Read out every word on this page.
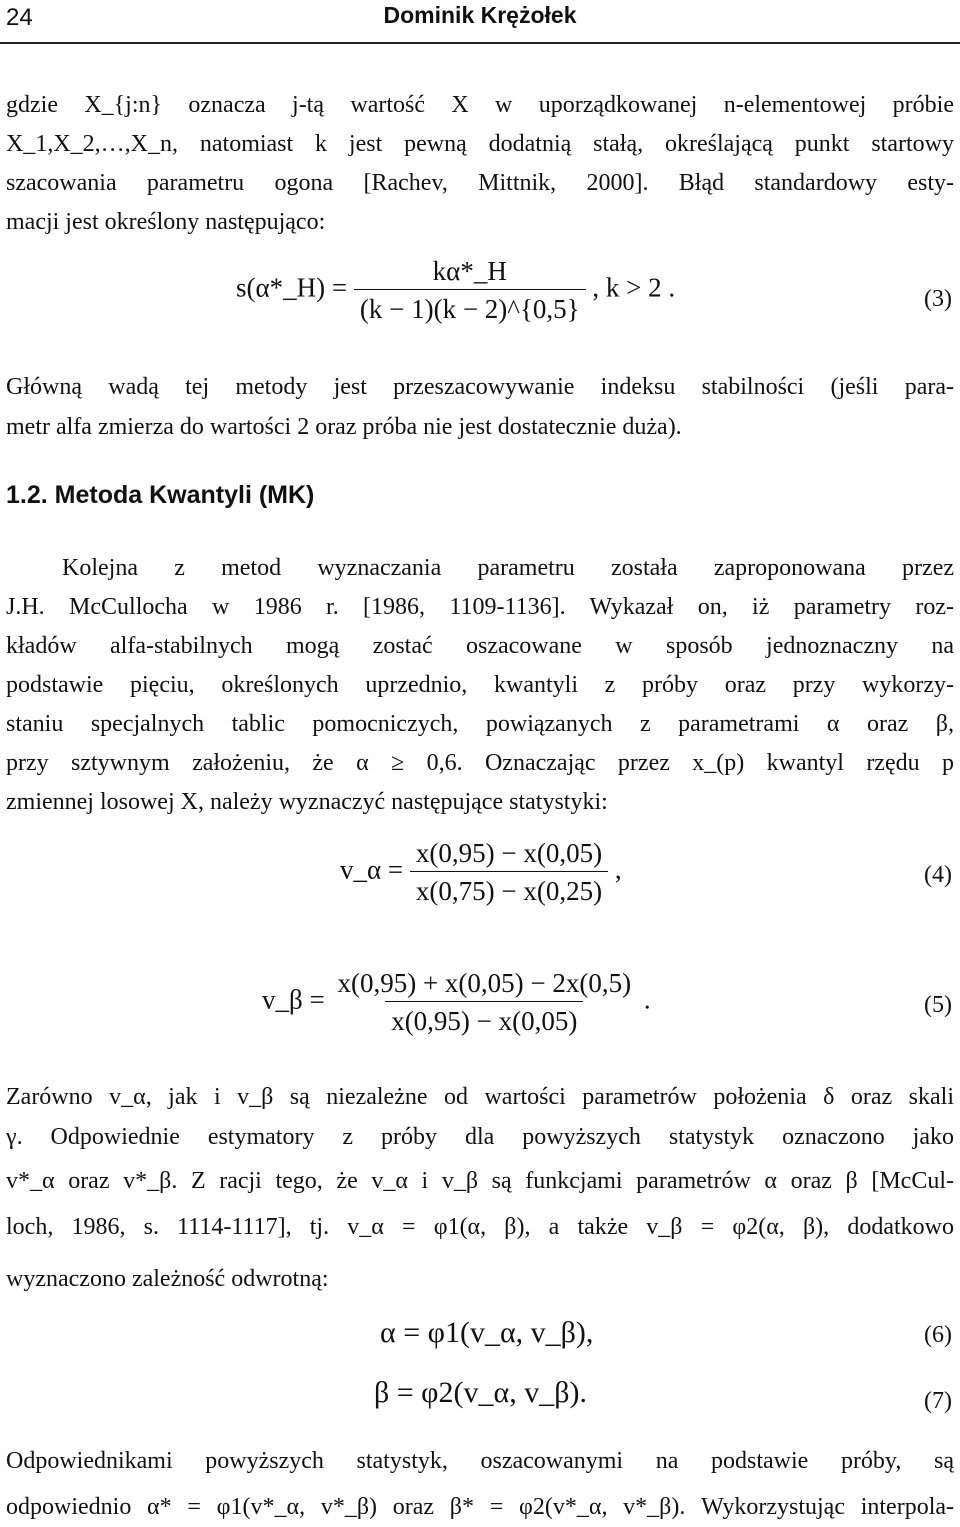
24	Dominik Krężołek
gdzie X_{j:n} oznacza j-tą wartość X w uporządkowanej n-elementowej próbie
X_1,X_2,…,X_n, natomiast k jest pewną dodatnią stałą, określającą punkt startowy
szacowania parametru ogona [Rachev, Mittnik, 2000]. Błąd standardowy esty-
macji jest określony następująco:
s(α*_H) = $\frac{k\alpha*\_H}{(k - 1)(k - 2)\^{}\{0,5\}}$ , k > 2 .	(3)
Główną wadą tej metody jest przeszacowywanie indeksu stabilności (jeśli para-
metr alfa zmierza do wartości 2 oraz próba nie jest dostatecznie duża).
1.2. Metoda Kwantyli (MK)
Kolejna z metod wyznaczania parametru została zaproponowana przez
J.H. McCullocha w 1986 r. [1986, 1109-1136]. Wykazał on, iż parametry roz-
kładów alfa-stabilnych mogą zostać oszacowane w sposób jednoznaczny na
podstawie pięciu, określonych uprzednio, kwantyli z próby oraz przy wykorzy-
staniu specjalnych tablic pomocniczych, powiązanych z parametrami α oraz β,
przy sztywnym założeniu, że α ≥ 0,6. Oznaczając przez x_(p) kwantyl rzędu p
zmiennej losowej X, należy wyznaczyć następujące statystyki:
v_α = $\frac{x(0,95) - x(0,05)}{x(0,75) - x(0,25)}$ ,	(4)
v_β = $\frac{x(0,95) + x(0,05) - 2x(0,5)}{x(0,95) - x(0,05)}$ .	(5)
Zarówno v_α, jak i v_β są niezależne od wartości parametrów położenia δ oraz skali
γ. Odpowiednie estymatory z próby dla powyższych statystyk oznaczono jako
v*_α oraz v*_β. Z racji tego, że v_α i v_β są funkcjami parametrów α oraz β [McCul-
loch, 1986, s. 1114-1117], tj. v_α = φ1(α, β), a także v_β = φ2(α, β), dodatkowo
wyznaczono zależność odwrotną:
α = φ1(v_α, v_β),	(6)
β = φ2(v_α, v_β).	(7)
Odpowiednikami powyższych statystyk, oszacowanymi na podstawie próby, są
odpowiednio α* = φ1(v*_α, v*_β) oraz β* = φ2(v*_α, v*_β). Wykorzystując interpola-
